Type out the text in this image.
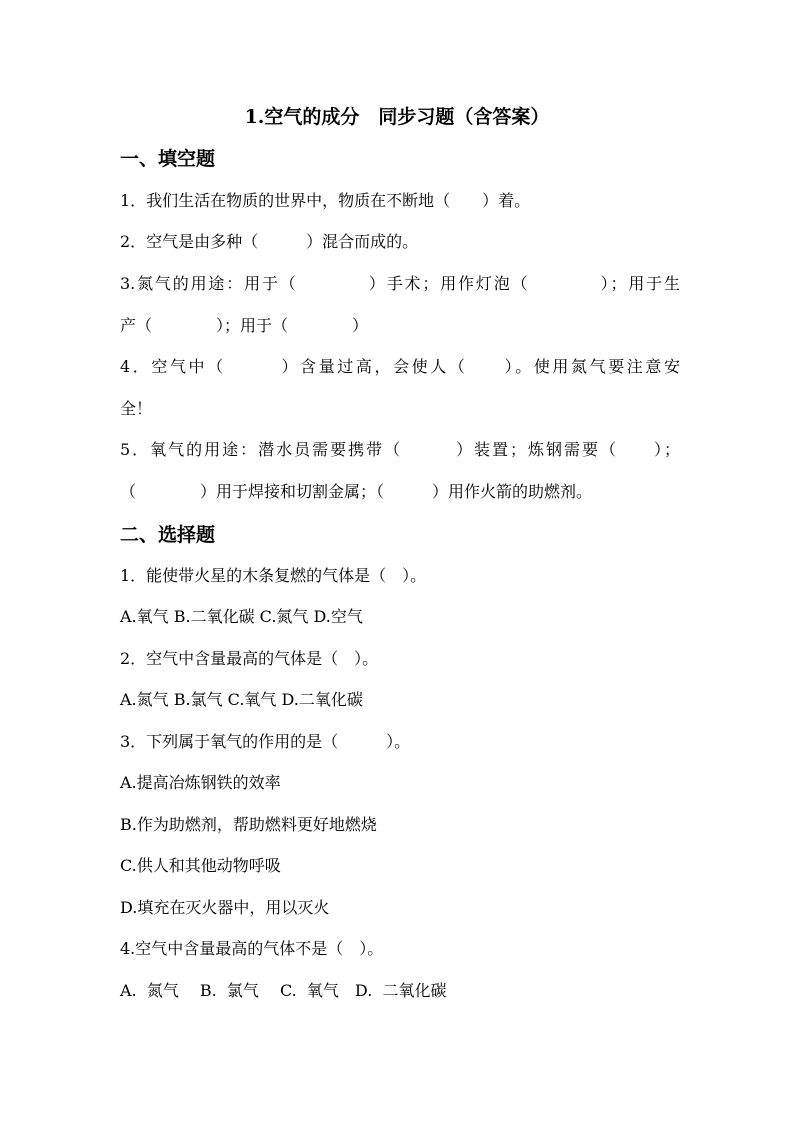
1.空气的成分　同步习题（含答案）
一、填空题
1．我们生活在物质的世界中，物质在不断地（　　）着。
2．空气是由多种（　　　）混合而成的。
3.氮气的用途：用于（　　　　）手术；用作灯泡（　　　　）；用于生
产（　　　　）；用于（　　　　）
4．空气中（　　　）含量过高，会使人（　　）。使用氮气要注意安
全！
5．氧气的用途：潜水员需要携带（　　　）装置；炼钢需要（　　）；
（　　　　）用于焊接和切割金属；（　　　）用作火箭的助燃剂。
二、选择题
1．能使带火星的木条复燃的气体是（　）。
A.氧气 B.二氧化碳 C.氮气 D.空气
2．空气中含量最高的气体是（　）。
A.氮气 B.氯气 C.氧气 D.二氧化碳
3．下列属于氧气的作用的是（　　　）。
A.提高冶炼钢铁的效率
B.作为助燃剂，帮助燃料更好地燃烧
C.供人和其他动物呼吸
D.填充在灭火器中，用以灭火
4.空气中含量最高的气体不是（　）。
A.  氮气　 B.  氯气　 C.  氧气　D.  二氧化碳
